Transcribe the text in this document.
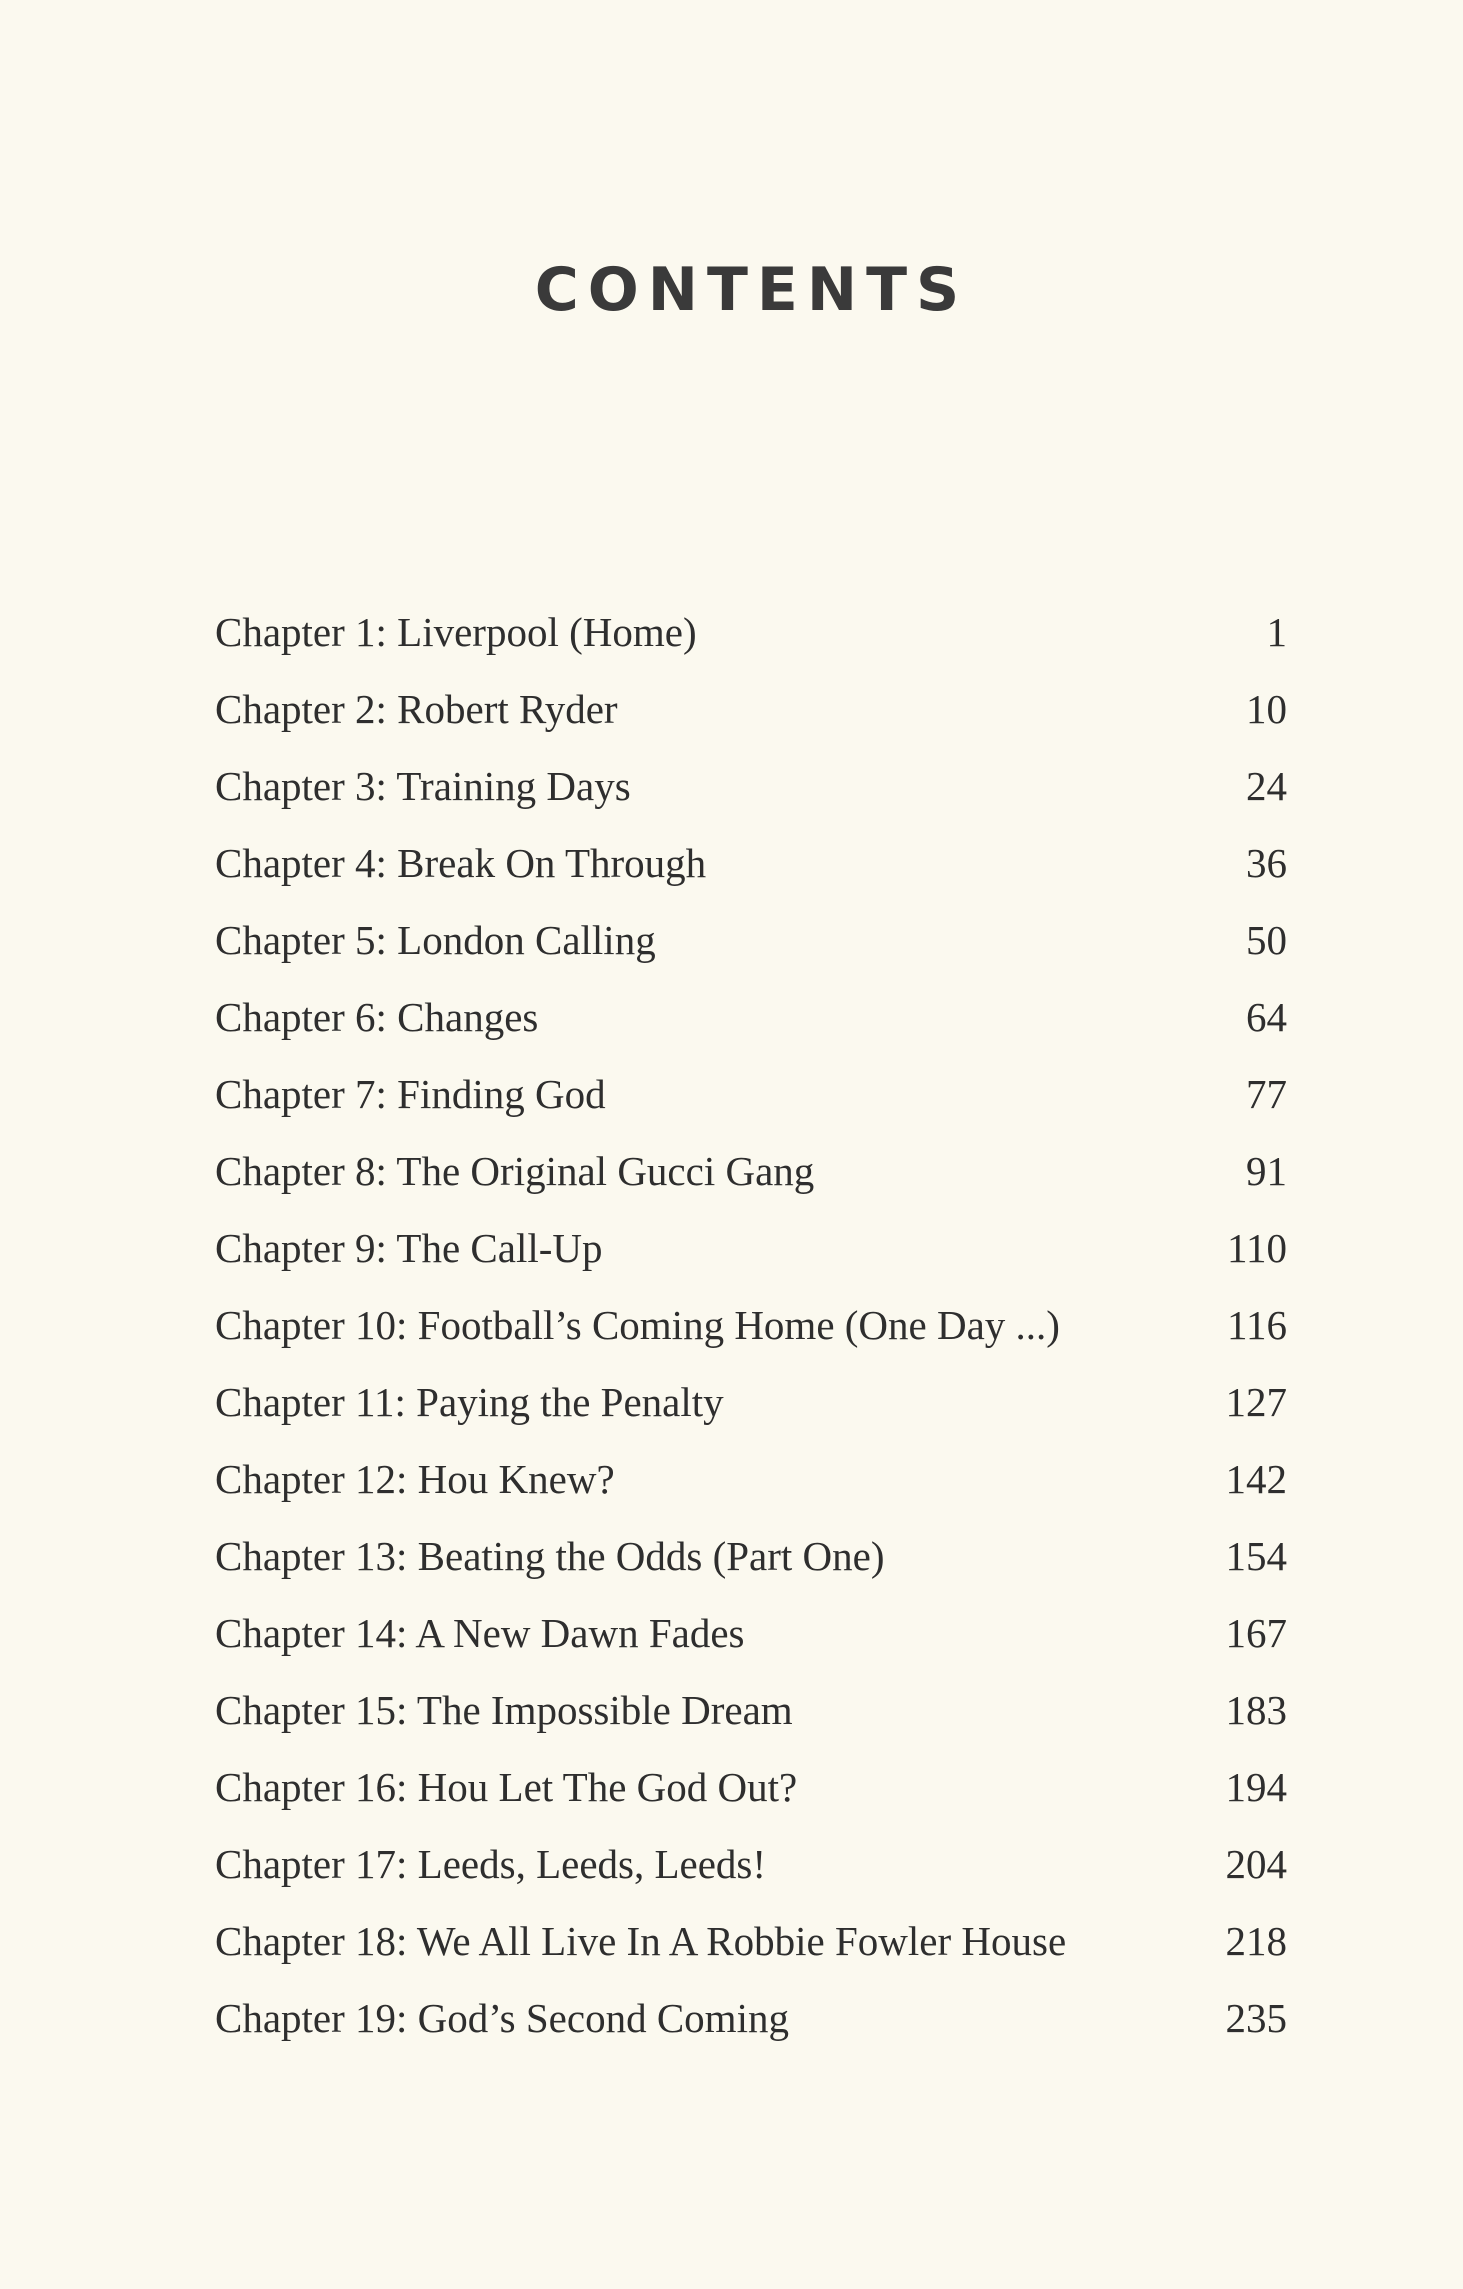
CONTENTS
Chapter 1: Liverpool (Home)	1
Chapter 2: Robert Ryder	10
Chapter 3: Training Days	24
Chapter 4: Break On Through	36
Chapter 5: London Calling	50
Chapter 6: Changes	64
Chapter 7: Finding God	77
Chapter 8: The Original Gucci Gang	91
Chapter 9: The Call-Up	110
Chapter 10: Football’s Coming Home (One Day ...)	116
Chapter 11: Paying the Penalty	127
Chapter 12: Hou Knew?	142
Chapter 13: Beating the Odds (Part One)	154
Chapter 14: A New Dawn Fades	167
Chapter 15: The Impossible Dream	183
Chapter 16: Hou Let The God Out?	194
Chapter 17: Leeds, Leeds, Leeds!	204
Chapter 18: We All Live In A Robbie Fowler House	218
Chapter 19: God’s Second Coming	235
